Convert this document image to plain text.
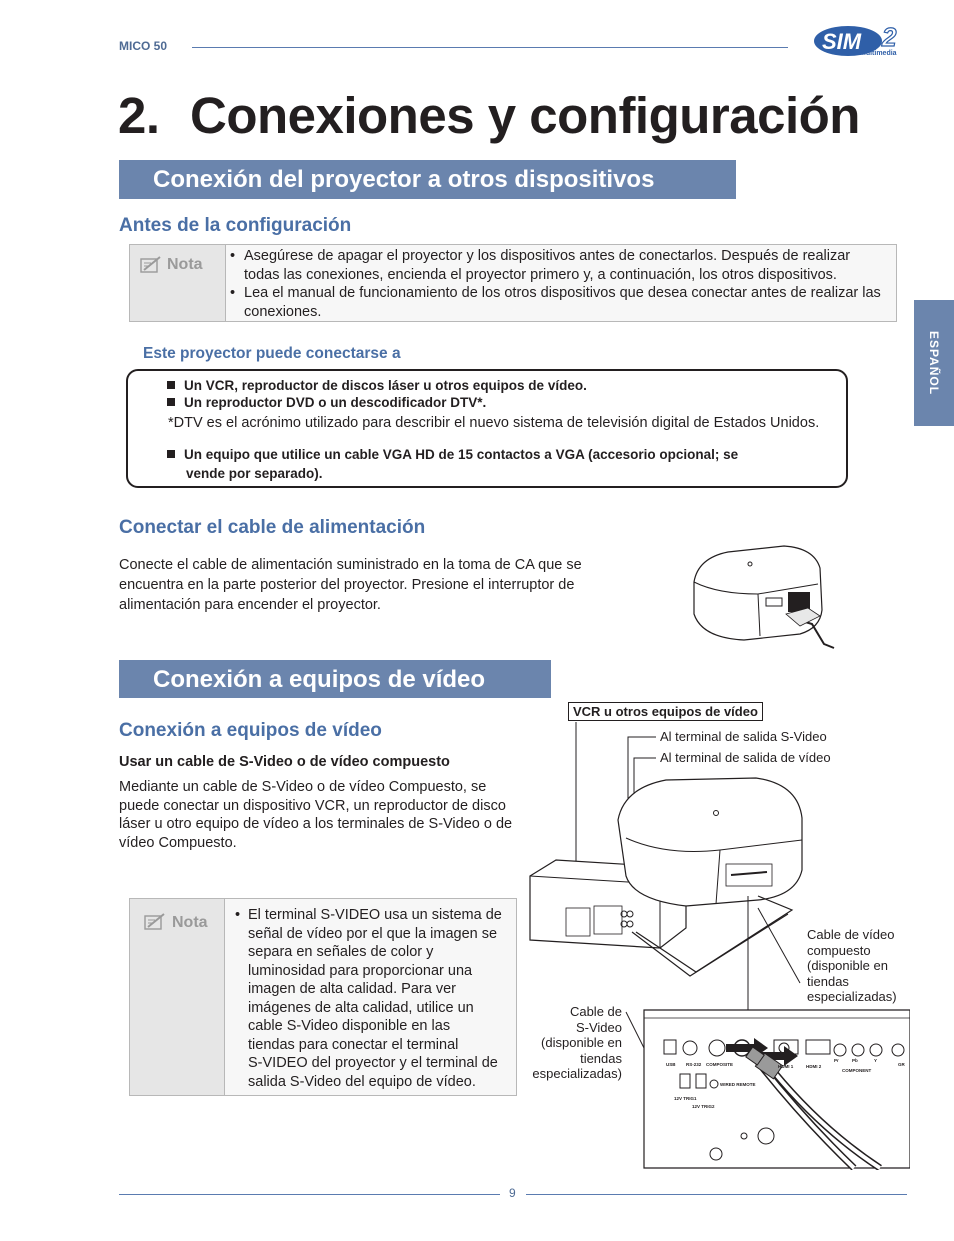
MICO 50	SIM 2
Multimedia
2. Conexiones y configuración
Conexión del proyector a otros dispositivos
Antes de la configuración
Nota
•	Asegúrese de apagar el proyector y los dispositivos antes de conectarlos. Después de realizar todas las conexiones, encienda el proyector primero y, a continuación, los otros dispositivos.
• Lea el manual de funcionamiento de los otros dispositivos que desea conectar antes de realizar las conexiones.
Este proyector puede conectarse a
Un VCR, reproductor de discos láser u otros equipos de vídeo.
Un reproductor DVD o un descodificador DTV*.
*DTV es el acrónimo utilizado para describir el nuevo sistema de televisión digital de Estados Unidos.
Un equipo que utilice un cable VGA HD de 15 contactos a VGA (accesorio opcional; se
vende por separado).
Conectar el cable de alimentación
Conecte el cable de alimentación suministrado en la toma de CA que se
encuentra en la parte posterior del proyector. Presione el interruptor de
alimentación para encender el proyector.
Conexión a equipos de vídeo
Conexión a equipos de vídeo
Usar un cable de S-Video o de vídeo compuesto
Mediante un cable de S-Video o de vídeo Compuesto, se
puede conectar un dispositivo VCR, un reproductor de disco
láser u otro equipo de vídeo a los terminales de S-Video o de
vídeo Compuesto.
Nota • El terminal S-VIDEO usa un sistema de
señal de vídeo por el que la imagen se
separa en señales de color y
luminosidad para proporcionar una
imagen de alta calidad. Para ver
imágenes de alta calidad, utilice un
cable S-Video disponible en las
tiendas para conectar el terminal
S-VIDEO del proyector y el terminal de
salida S-Video del equipo de vídeo.
USB RS-232 COMPOSITE	HDMI 1	HDMI 2
COMPONENT
Pr	Pb	Y
GR
WIRED REMOTE
12V TRIG1
12V TRIG2
VCR u otros equipos de vídeo
Al terminal de salida S-Video
Al terminal de salida de vídeo
Cable de vídeo
compuesto
(disponible en
tiendas
especializadas)
Cable de
S-Video
(disponible en
tiendas
especializadas)
ESPAÑOL
9
